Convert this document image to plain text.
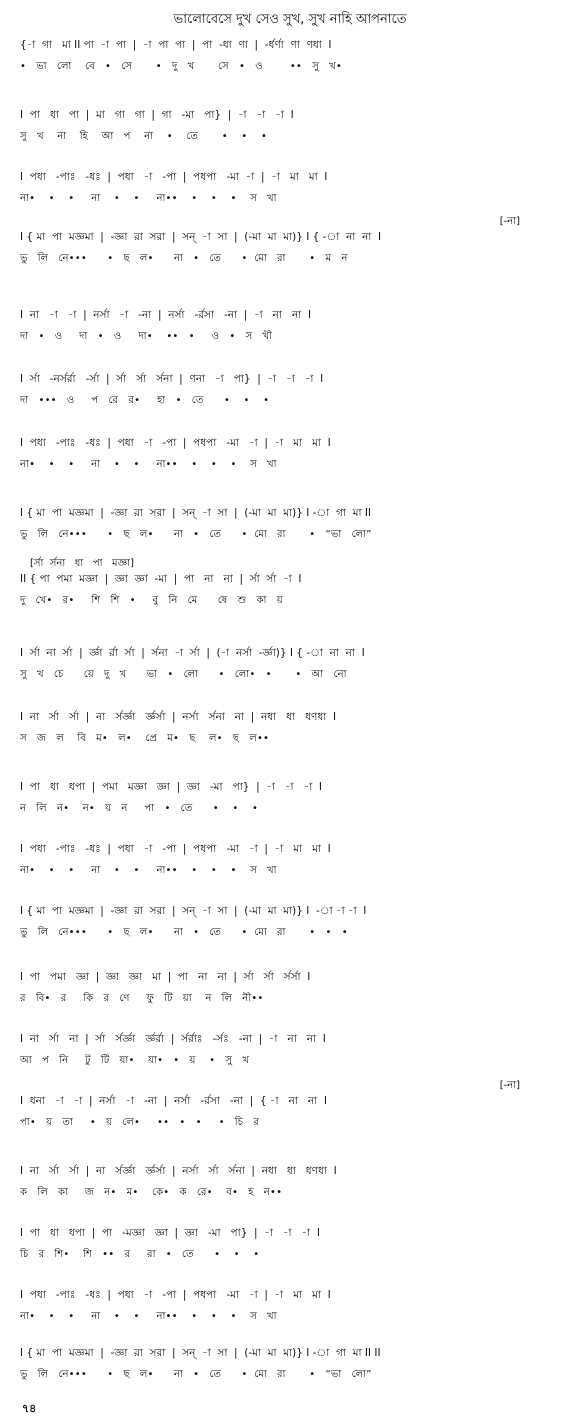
ভালোবেসে দুখ সেও সুখ, সুখ নাহি আপনাতে
{-া  গা   মা II পা  -া  পা  |  -া  পা  পা  |  পা  -ধা  ণা  |  -র্ধর্ণা  ণা  ণধা  I
•   ভা   লো    বে   •   সে       •   দু   খ       সে   •   ও        ••   সু   খ•
I  পা   ধা   পা  |  মা   গা   গা  |  গা   -মা   পা}  |  -া   -া   -া  I
সু   খ    না    হি    আ   প    না    •    তে       •    •    •
I  পধা   -পাঃ   -ধঃ  |  পধা   -া   -পা  |  পধপা   -মা  -া  |  -া   মা   মা  I
না•    •    •     না    •    •     না••    •    •    •    স   খা
[-না]
I { মা  পা  মজ্ঞমা  |  -জ্ঞা  রা  সরা  |  সন্  -া  সা  |  (-মা  মা  মা)} I { -া  না  না  I
ভু   লি   নে•••      •   ছ   ল•      না   •   তে      •  মো   রা       •   ম   ন
I  না   -া   -া  |  নর্সা   -া   -না  |  নর্সা   -র্রসা   -না  |  -া   না   না  I
দা   •   ও     দা   •   ও     দা•    ••   •     ও   •   স   খী
I  র্সা   -নর্সর্রা   -র্সা  |  র্সা   র্সা   র্সনা  |  ণনা   -া   পা}  |  -া   -া   -া  I
দা   •••   ও     প   রে   র•     হা   •   তে      •    •    •
I  পধা   -পাঃ   -ধঃ  |  পধা   -া   -পা  |  পধপা   -মা   -া  |  -া   মা   মা  I
না•    •    •     না    •    •     না••    •    •    •    স   খা
I { মা  পা  মজ্ঞমা  |  -জ্ঞা  রা  সরা  |  সন্  -া  সা  |  (-মা  মা  মা)} I -া  গা  মা II
ভু   লি   নে•••      •   ছ   ল•      না   •   তে      •  মো   রা       •   “ভা   লো”
[র্সা  র্সনা   ধা   পা   মজ্ঞা]
II { পা  পমা  মজ্ঞা  |  জ্ঞা  জ্ঞা  -মা  |  পা   না   না  |  র্সা  র্সা  -া  I
দু   খে•   র•     শি   শি   •     বু   নি   মে      ষে   শু   কা   য়
I  র্সা  না  র্সা  |  র্জ্ঞা  র্রা  র্সা  |  র্সনা  -া  র্সা  |  (-া  নর্সা  -র্জ্ঞা)} I { -া  না  না  I
সু   খ   চে      য়ে   দু   খ      ভা   •   লো      •   লো•   •       •   আ   নো
I  না   র্সা   র্সা  |  না   র্সর্জ্ঞা   র্জ্ঞর্সা  |  নর্সা   র্সনা   না  |  নধা   ধা   ধণধা  I
স   জ   ল    বি   ম•   ল•    প্রে   ম•   ছ    ল•   ছ   ল••
I  পা   ধা   ধপা  |  পমা   মজ্ঞা   জ্ঞা  |  জ্ঞা   -মা   পা}  |  -া   -া   -া  I
ন   লি   ন•    ন•   য়   ন     পা   •   তে      •    •    •
I  পধা   -পাঃ   -ধঃ  |  পধা   -া   -পা  |  পধপা   -মা   -া  |  -া   মা   মা  I
না•    •    •     না    •    •     না••    •    •    •    স   খা
I { মা  পা  মজ্ঞমা  |  -জ্ঞা  রা  সরা  |  সন্  -া  সা  |  (-মা  মা  মা)} I  -া -া -া  I
ভু   লি   নে•••      •   ছ   ল•      না   •   তে      •  মো   রা       •   •   •
I  পা   পমা   জ্ঞা  |  জ্ঞা   জ্ঞা   মা  |  পা   না   না  |  র্সা   র্সা   র্সর্সা  I
র   বি•   র     কি   র   ণে     ফু   টি   য়া    ন   লি   নী••
I  না   র্সা   না  |  র্সা   র্সর্জ্ঞা   র্জ্ঞর্রা  |  র্সর্রাঃ   -র্সঃ   -না  |  -া   না   না  I
আ   প   নি     টু   টি   য়া•    য়া•   •   য়    •   সু   খ
[-না]
I  ধনা   -া   -া  |  নর্সা   -া   -না  |  নর্সা   -র্রসা   -না  |  { -া   না   না  I
পা•   য়   তা     •   য়   লে•     ••   •   •     •   চি   র
I  না   র্সা   র্সা  |  না   র্সর্জ্ঞা   র্জ্ঞর্সা  |  নর্সা   র্সা   র্সনা  |  নধা   ধা   ধণধা  I
ক   লি   কা     জ   ন•   ম•    কে•   ক   রে•    ব•   হ   ন••
I  পা   ধা   ধপা  |  পা   -মজ্ঞা   জ্ঞা  |  জ্ঞা   -মা   পা}  |  -া   -া   -া  I
চি   র   শি•    শি   ••   র     রা   •   তে      •    •    •
I  পধা   -পাঃ   -ধঃ  |  পধা   -া   -পা  |  পধপা   -মা   -া  |  -া   মা   মা  I
না•    •    •     না    •    •     না••    •    •    •    স   খা
I { মা  পা  মজ্ঞমা  |  -জ্ঞা  রা  সরা  |  সন্  -া  সা  |  (-মা  মা  মা)} I -া  গা  মা II II
ভু   লি   নে•••      •   ছ   ল•      না   •   তে      •  মো   রা       •   “ভা   লো”
৭৪
